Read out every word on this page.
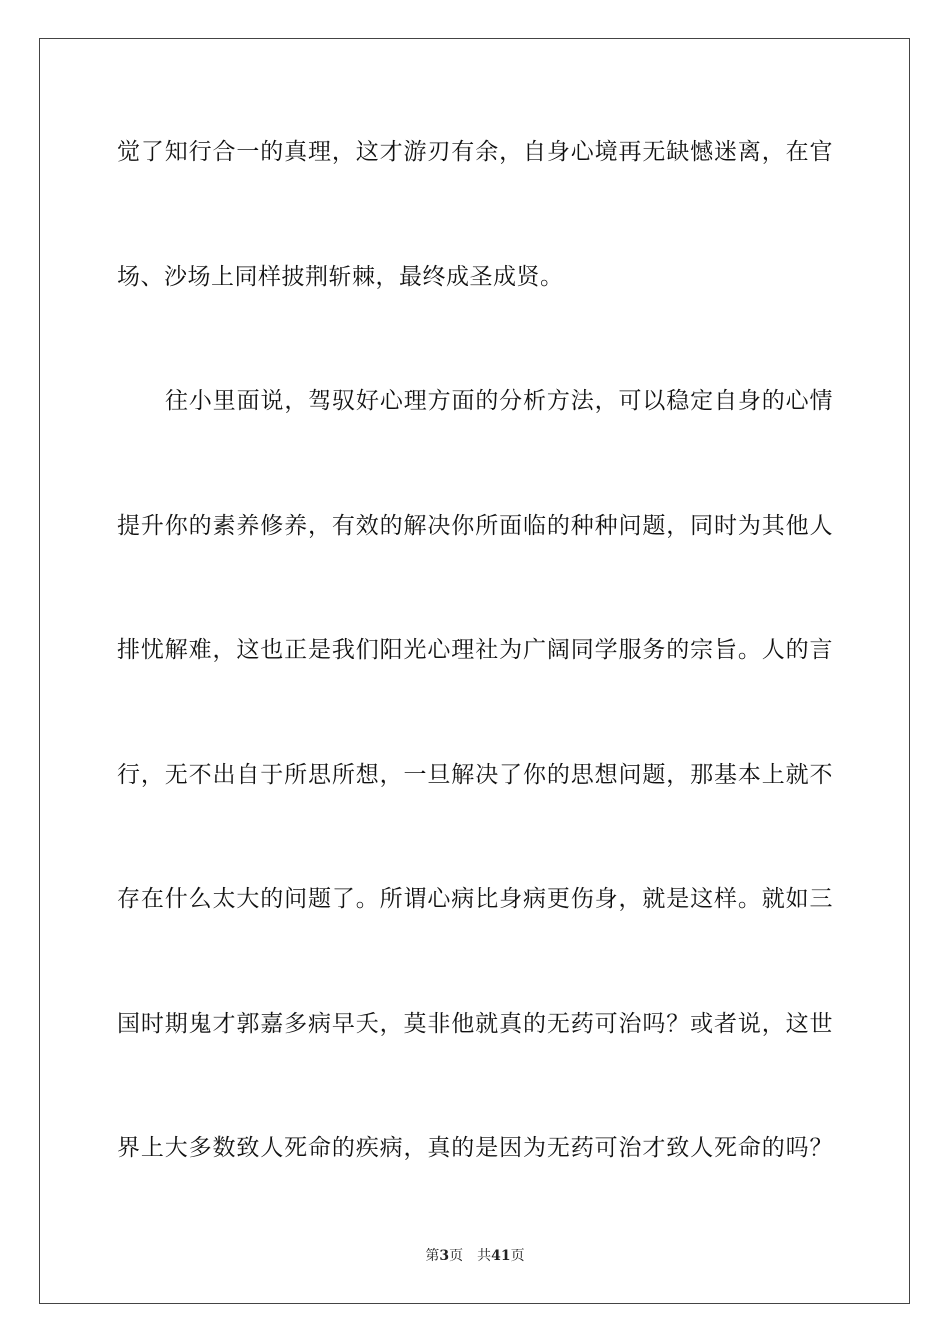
觉了知行合一的真理，这才游刃有余，自身心境再无缺憾迷离，在官
场、沙场上同样披荆斩棘，最终成圣成贤。
往小里面说，驾驭好心理方面的分析方法，可以稳定自身的心情
提升你的素养修养，有效的解决你所面临的种种问题，同时为其他人
排忧解难，这也正是我们阳光心理社为广阔同学服务的宗旨。人的言
行，无不出自于所思所想，一旦解决了你的思想问题，那基本上就不
存在什么太大的问题了。所谓心病比身病更伤身，就是这样。就如三
国时期鬼才郭嘉多病早夭，莫非他就真的无药可治吗？或者说，这世
界上大多数致人死命的疾病，真的是因为无药可治才致人死命的吗？
第3页 共41页
